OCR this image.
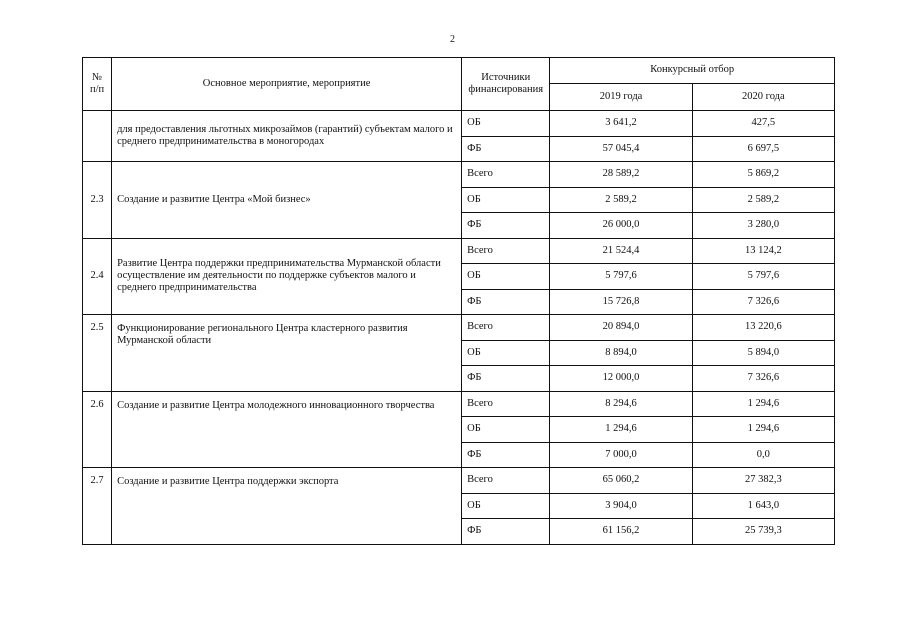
2
№ п/п	Основное мероприятие, мероприятие	Источники финансирования	Конкурсный отбор	
			2019 года	2020 года
	для предоставления льготных микрозаймов (гарантий) субъектам малого и среднего предпринимательства в моногородах	ОБ	3 641,2	427,5
		ФБ	57 045,4	6 697,5
2.3	Создание и развитие Центра «Мой бизнес»	Всего	28 589,2	5 869,2
		ОБ	2 589,2	2 589,2
		ФБ	26 000,0	3 280,0
2.4	Развитие Центра поддержки предпринимательства Мурманской области осуществление им деятельности по поддержке субъектов малого и среднего предпринимательства	Всего	21 524,4	13 124,2
		ОБ	5 797,6	5 797,6
		ФБ	15 726,8	7 326,6
2.5	Функционирование регионального Центра кластерного развития Мурманской области	Всего	20 894,0	13 220,6
		ОБ	8 894,0	5 894,0
		ФБ	12 000,0	7 326,6
2.6	Создание и развитие Центра молодежного инновационного творчества	Всего	8 294,6	1 294,6
		ОБ	1 294,6	1 294,6
		ФБ	7 000,0	0,0
2.7	Создание и развитие Центра поддержки экспорта	Всего	65 060,2	27 382,3
		ОБ	3 904,0	1 643,0
		ФБ	61 156,2	25 739,3
